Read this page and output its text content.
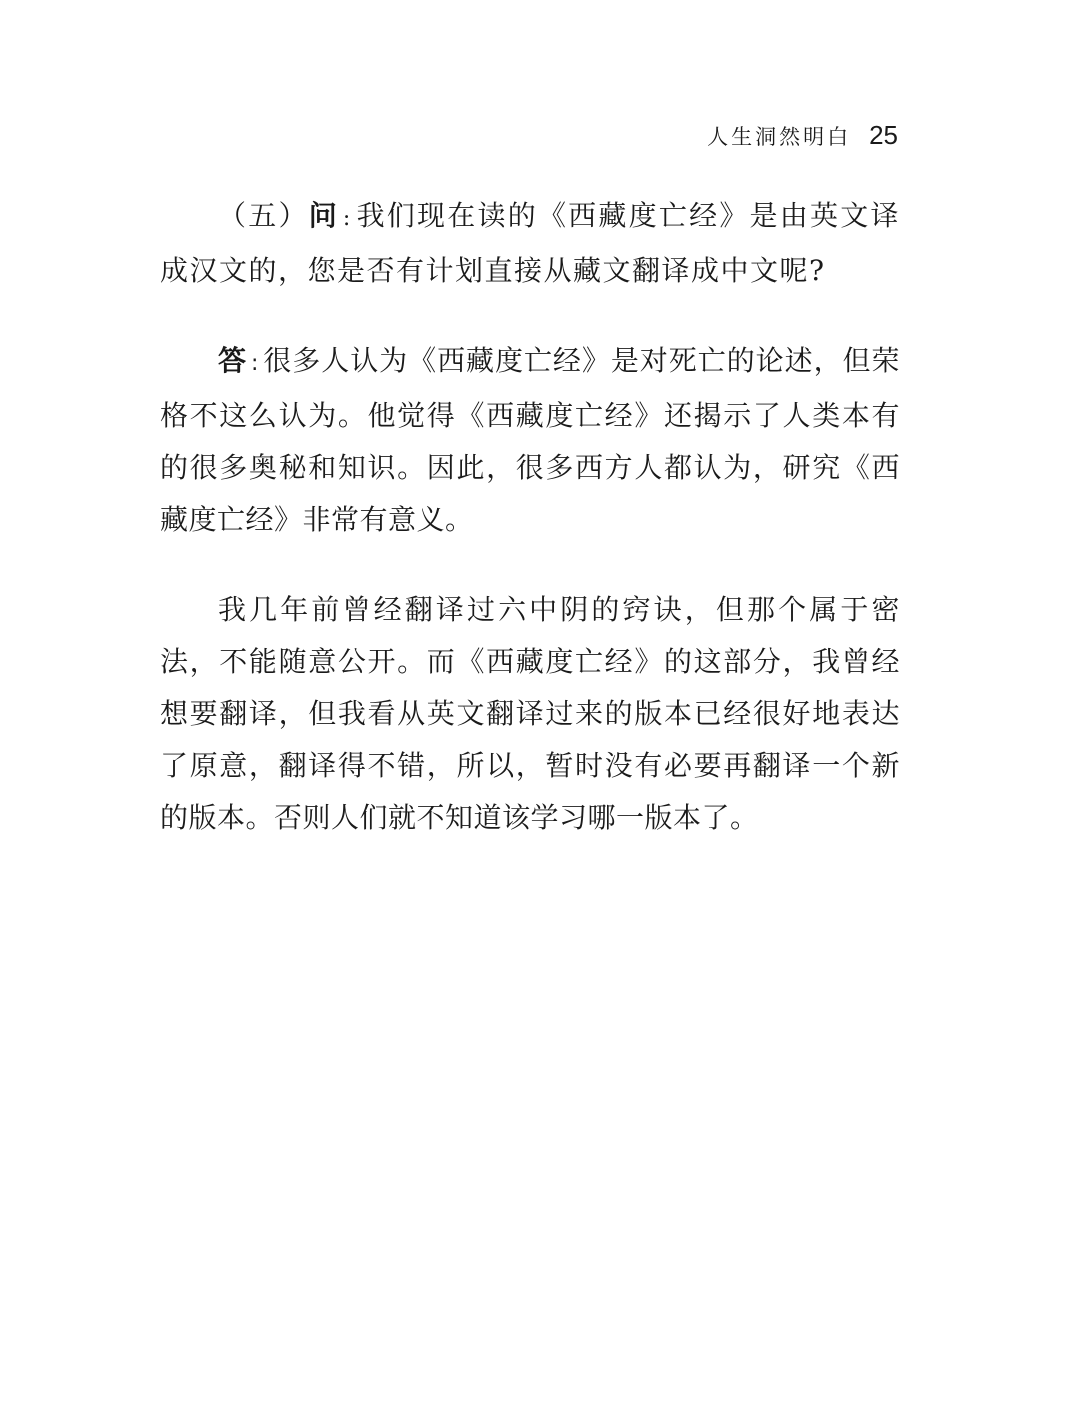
人生洞然明白 25

（五）问 : 我们现在读的《西藏度亡经》是由英文译成汉文的，您是否有计划直接从藏文翻译成中文呢?

答 : 很多人认为《西藏度亡经》是对死亡的论述，但荣格不这么认为。他觉得《西藏度亡经》还揭示了人类本有的很多奥秘和知识。因此，很多西方人都认为，研究《西藏度亡经》非常有意义。

我几年前曾经翻译过六中阴的窍诀，但那个属于密法，不能随意公开。而《西藏度亡经》的这部分，我曾经想要翻译，但我看从英文翻译过来的版本已经很好地表达了原意，翻译得不错，所以，暂时没有必要再翻译一个新的版本。否则人们就不知道该学习哪一版本了。
